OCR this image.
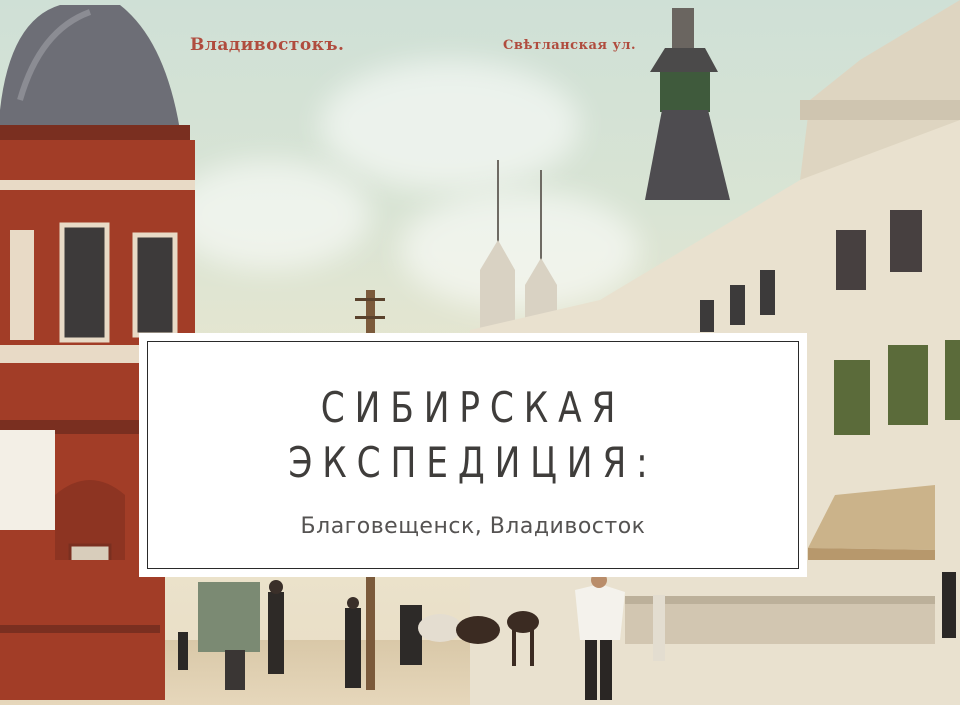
Владивостокъ.	Свѣтланская ул.
СИБИРСКАЯ
ЭКСПЕДИЦИЯ:
Благовещенск, Владивосток
